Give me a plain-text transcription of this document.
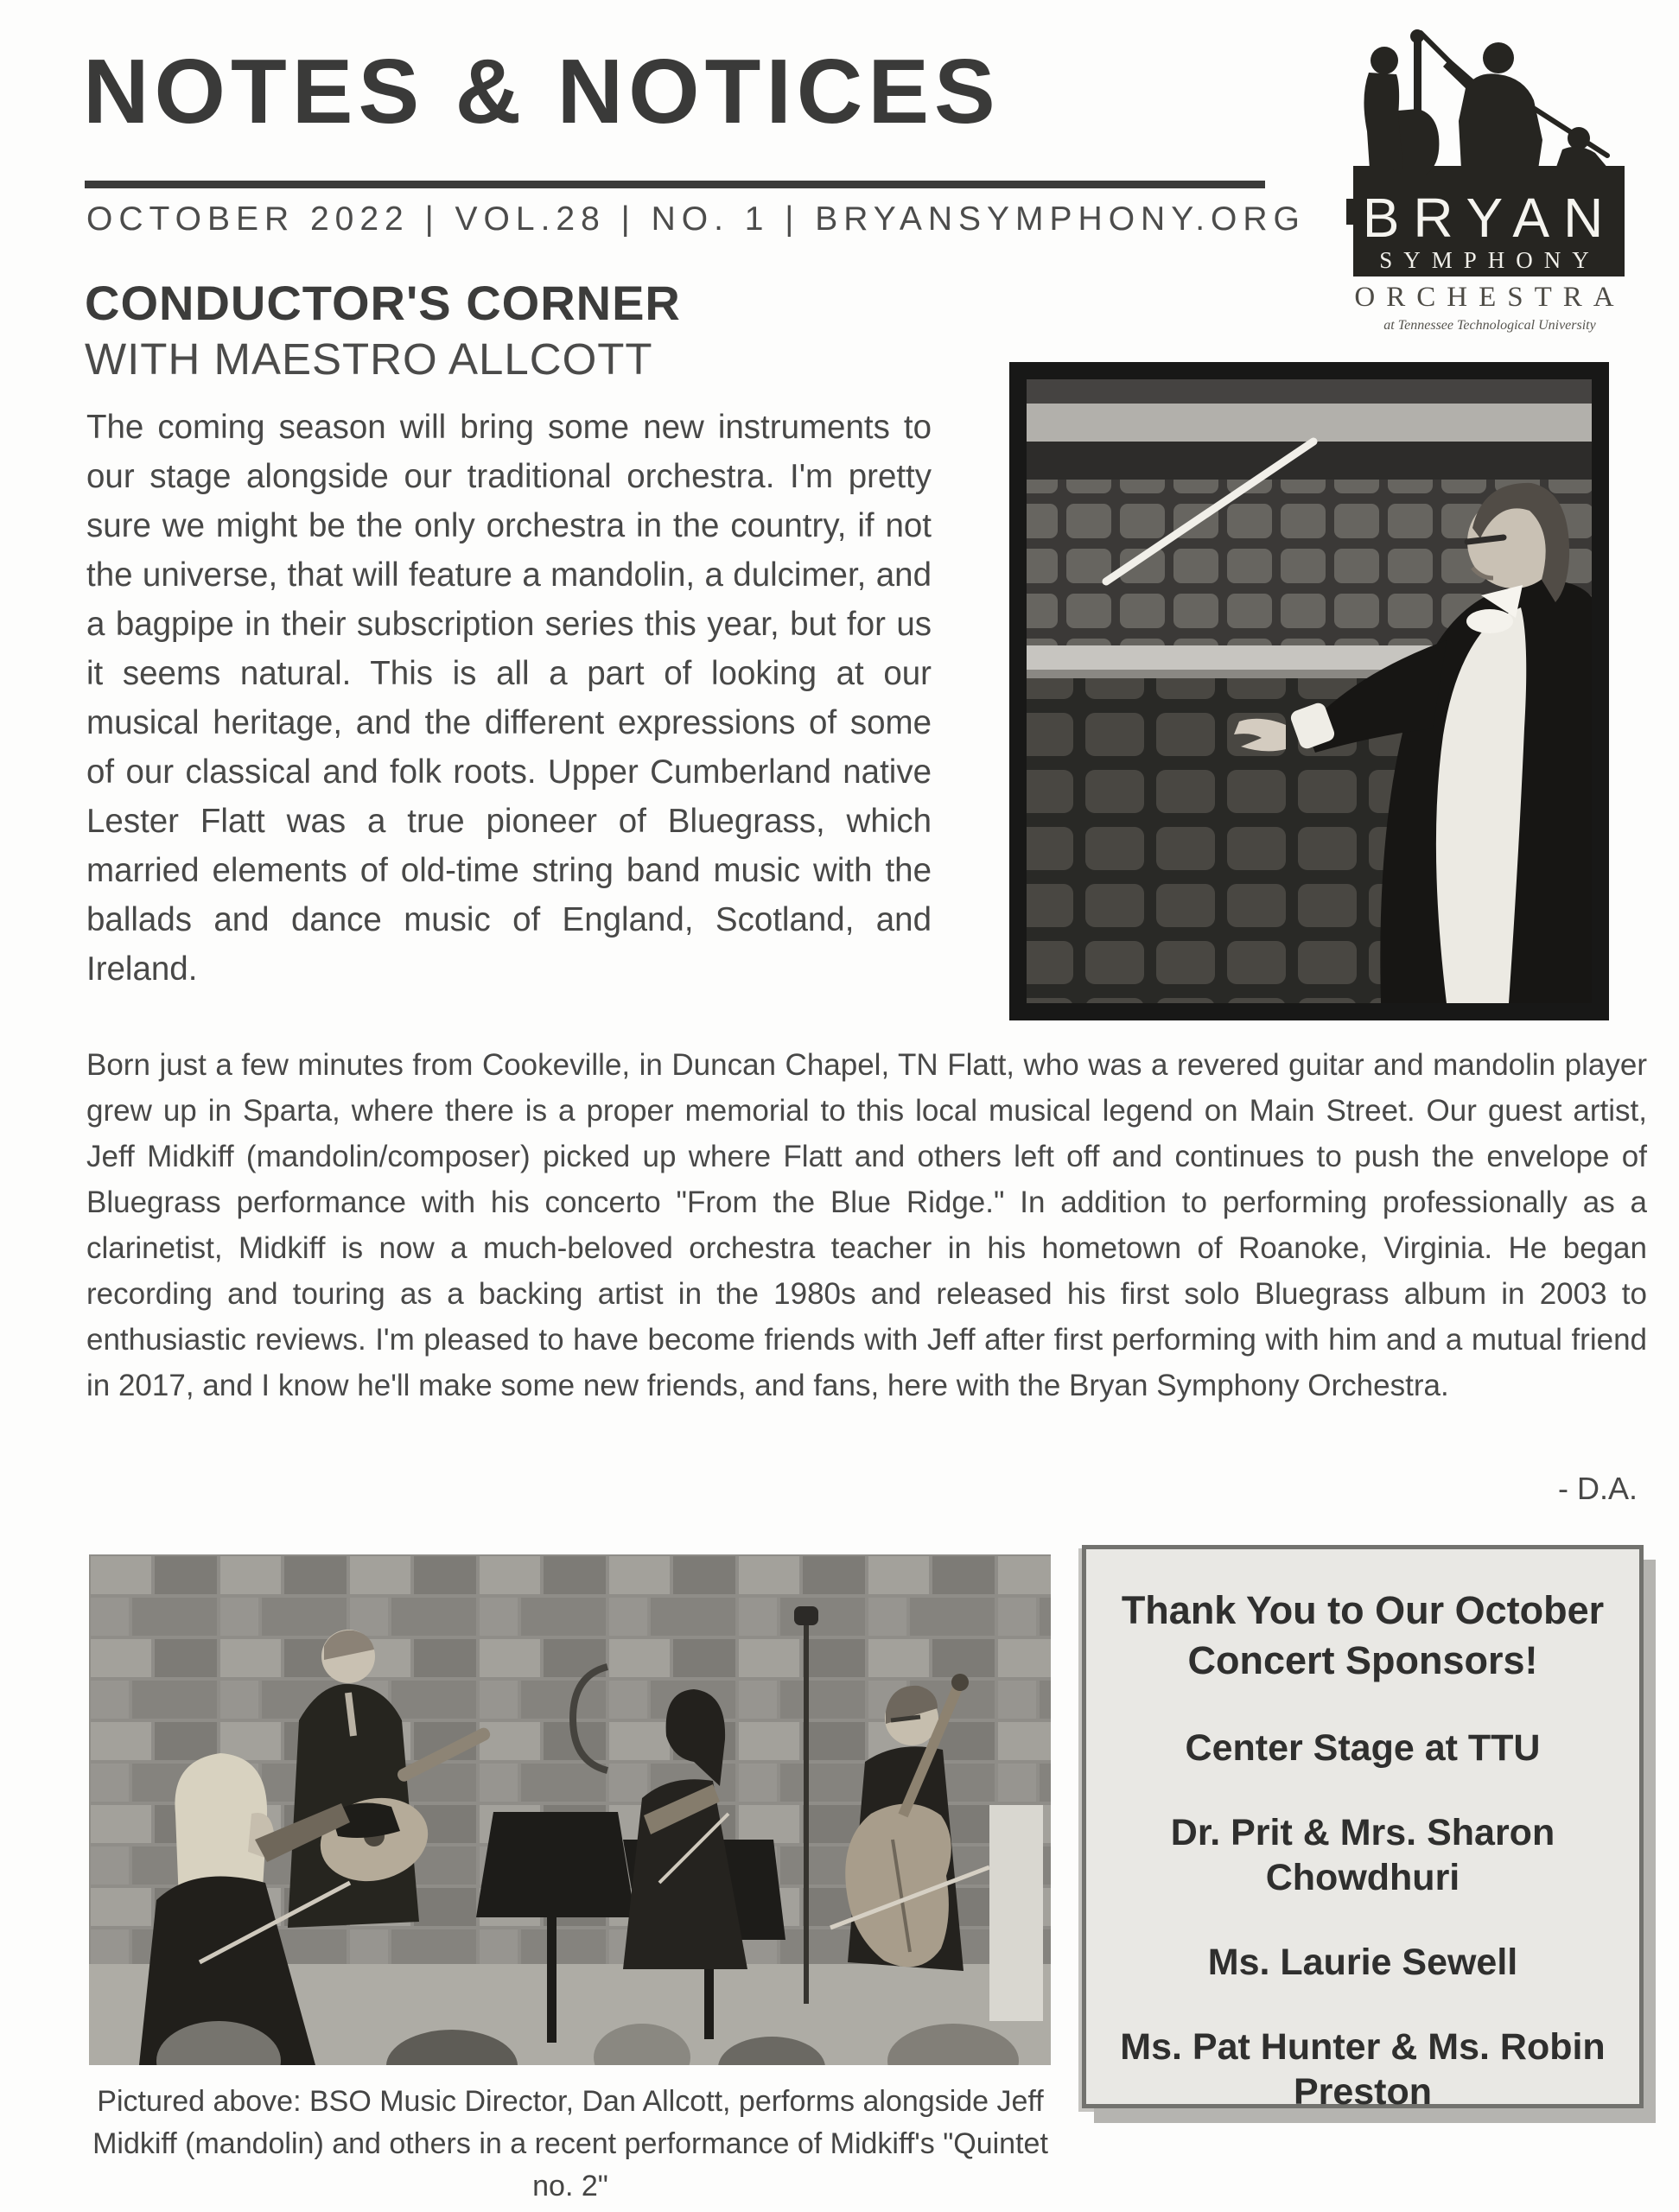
NOTES & NOTICES
OCTOBER 2022 | VOL.28 | NO. 1 | BRYANSYMPHONY.ORG BRYAN
SYMPHONY
ORCHESTRA
at Tennessee Technological University
CONDUCTOR'S CORNER
WITH MAESTRO ALLCOTT
The coming season will bring some new instruments to our stage alongside our traditional orchestra. I'm pretty sure we might be the only orchestra in the country, if not the universe, that will feature a mandolin, a dulcimer, and a bagpipe in their subscription series this year, but for us it seems natural. This is all a part of looking at our musical heritage, and the different expressions of some of our classical and folk roots. Upper Cumberland native Lester Flatt was a true pioneer of Bluegrass, which married elements of old-time string band music with the ballads and dance music of England, Scotland, and Ireland.
Born just a few minutes from Cookeville, in Duncan Chapel, TN Flatt, who was a revered guitar and mandolin player grew up in Sparta, where there is a proper memorial to this local musical legend on Main Street. Our guest artist, Jeff Midkiff (mandolin/composer) picked up where Flatt and others left off and continues to push the envelope of Bluegrass performance with his concerto "From the Blue Ridge." In addition to performing professionally as a clarinetist, Midkiff is now a much-beloved orchestra teacher in his hometown of Roanoke, Virginia. He began recording and touring as a backing artist in the 1980s and released his first solo Bluegrass album in 2003 to enthusiastic reviews. I'm pleased to have become friends with Jeff after first performing with him and a mutual friend in 2017, and I know he'll make some new friends, and fans, here with the Bryan Symphony Orchestra.
- D.A.
Pictured above: BSO Music Director, Dan Allcott, performs alongside Jeff Midkiff (mandolin) and others in a recent performance of Midkiff's "Quintet no. 2"
Thank You to Our October Concert Sponsors!
Center Stage at TTU
Dr. Prit & Mrs. Sharon Chowdhuri
Ms. Laurie Sewell
Ms. Pat Hunter & Ms. Robin Preston
